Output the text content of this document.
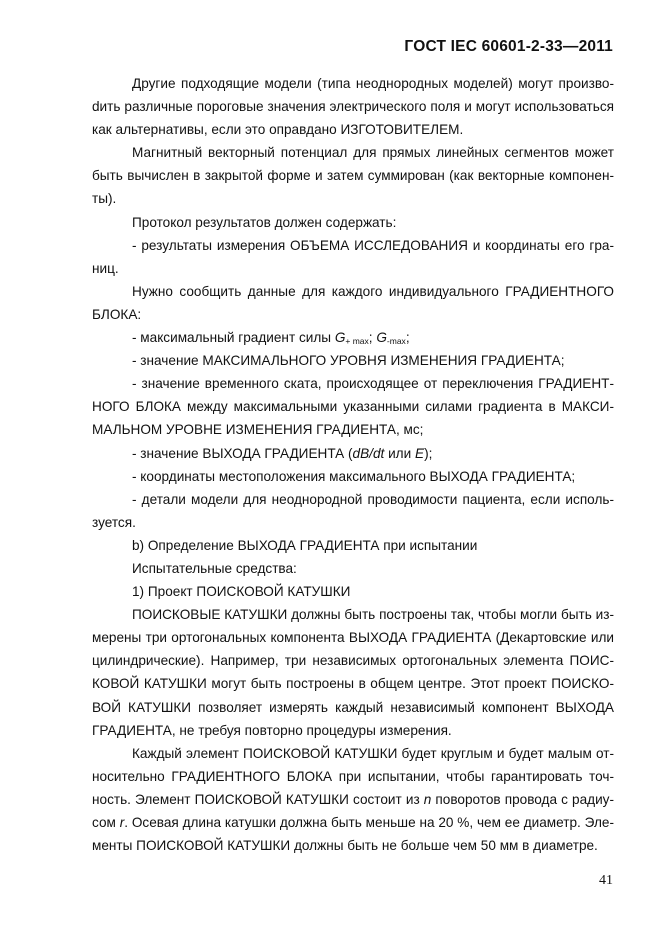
ГОСТ IEC 60601-2-33—2011

Другие подходящие модели (типа неоднородных моделей) могут произвоdить различные пороговые значения электрического поля и могут использоваться как альтернативы, если это оправдано ИЗГОТОВИТЕЛЕМ.

Магнитный векторный потенциал для прямых линейных сегментов может быть вычислен в закрытой форме и затем суммирован (как векторные компоненты).

Протокол результатов должен содержать:

- результаты измерения ОБЪЕМА ИССЛЕДОВАНИЯ и координаты его границ.

Нужно сообщить данные для каждого индивидуального ГРАДИЕНТНОГО БЛОКА:

- максимальный градиент силы $G_{+ max}$; $G_{-max}$;

- значение МАКСИМАЛЬНОГО УРОВНЯ ИЗМЕНЕНИЯ ГРАДИЕНТА;

- значение временного ската, происходящее от переключения ГРАДИЕНТНОГО БЛОКА между максимальными указанными силами градиента в МАКСИМАЛЬНОМ УРОВНЕ ИЗМЕНЕНИЯ ГРАДИЕНТА, мс;

- значение ВЫХОДА ГРАДИЕНТА (dB/dt или E);

- координаты местоположения максимального ВЫХОДА ГРАДИЕНТА;

- детали модели для неоднородной проводимости пациента, если используется.

b) Определение ВЫХОДА ГРАДИЕНТА при испытании

Испытательные средства:

1) Проект ПОИСКОВОЙ КАТУШКИ

ПОИСКОВЫЕ КАТУШКИ должны быть построены так, чтобы могли быть измерены три ортогональных компонента ВЫХОДА ГРАДИЕНТА (Декартовские или цилиндрические). Например, три независимых ортогональных элемента ПОИСКОВОЙ КАТУШКИ могут быть построены в общем центре. Этот проект ПОИСКОВОЙ КАТУШКИ позволяет измерять каждый независимый компонент ВЫХОДА ГРАДИЕНТА, не требуя повторно процедуры измерения.

Каждый элемент ПОИСКОВОЙ КАТУШКИ будет круглым и будет малым относительно ГРАДИЕНТНОГО БЛОКА при испытании, чтобы гарантировать точность. Элемент ПОИСКОВОЙ КАТУШКИ состоит из n поворотов провода с радиусом r. Осевая длина катушки должна быть меньше на 20 %, чем ее диаметр. Элементы ПОИСКОВОЙ КАТУШКИ должны быть не больше чем 50 мм в диаметре.

41
